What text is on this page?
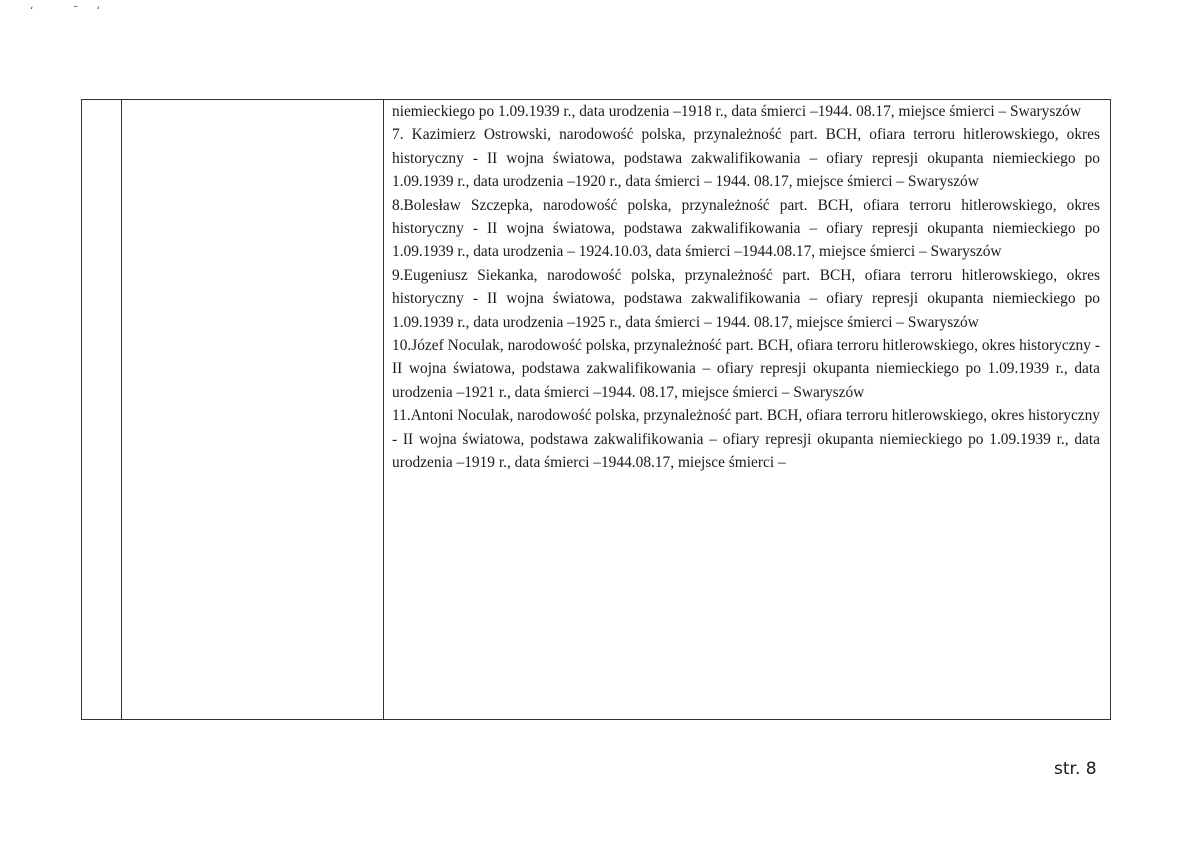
ʻ ˉʻ

niemieckiego po 1.09.1939 r., data urodzenia –1918 r., data śmierci –1944. 08.17, miejsce śmierci – Swaryszów

7. Kazimierz Ostrowski, narodowość polska, przynależność part. BCH, ofiara terroru hitlerowskiego, okres historyczny - II wojna światowa, podstawa zakwalifikowania – ofiary represji okupanta niemieckiego po 1.09.1939 r., data urodzenia –1920 r., data śmierci – 1944. 08.17, miejsce śmierci – Swaryszów

8.Bolesław Szczepka, narodowość polska, przynależność part. BCH, ofiara terroru hitlerowskiego, okres historyczny - II wojna światowa, podstawa zakwalifikowania – ofiary represji okupanta niemieckiego po 1.09.1939 r., data urodzenia – 1924.10.03, data śmierci –1944.08.17, miejsce śmierci – Swaryszów

9.Eugeniusz Siekanka, narodowość polska, przynależność part. BCH, ofiara terroru hitlerowskiego, okres historyczny - II wojna światowa, podstawa zakwalifikowania – ofiary represji okupanta niemieckiego po 1.09.1939 r., data urodzenia –1925 r., data śmierci – 1944. 08.17, miejsce śmierci – Swaryszów

10.Józef Noculak, narodowość polska, przynależność part. BCH, ofiara terroru hitlerowskiego, okres historyczny - II wojna światowa, podstawa zakwalifikowania – ofiary represji okupanta niemieckiego po 1.09.1939 r., data urodzenia –1921 r., data śmierci –1944. 08.17, miejsce śmierci – Swaryszów

11.Antoni Noculak, narodowość polska, przynależność part. BCH, ofiara terroru hitlerowskiego, okres historyczny - II wojna światowa, podstawa zakwalifikowania – ofiary represji okupanta niemieckiego po 1.09.1939 r., data urodzenia –1919 r., data śmierci –1944.08.17, miejsce śmierci –

str. 8
